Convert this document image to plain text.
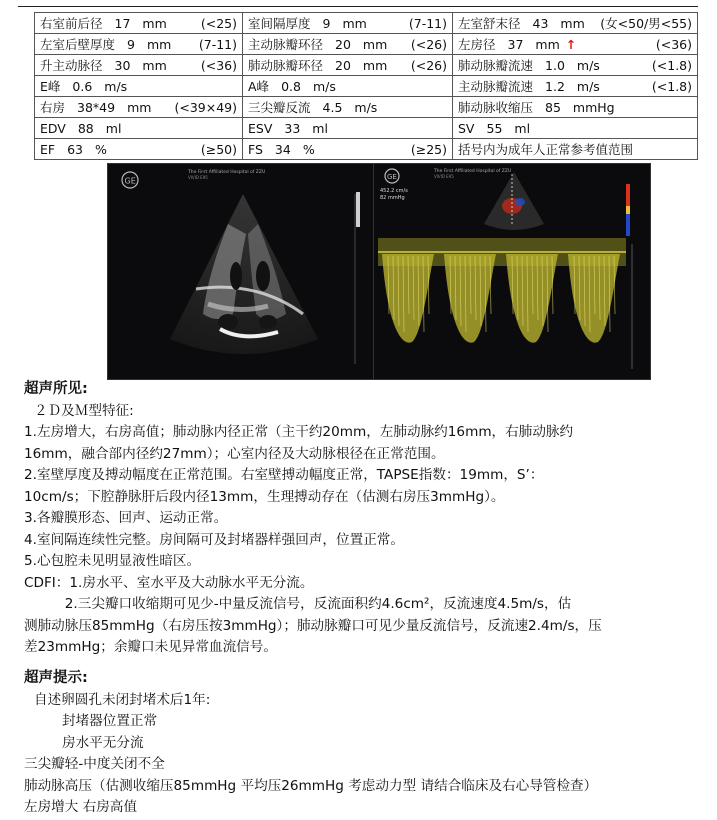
右室前后径 17 mm (<25)	室间隔厚度 9 mm (7-11)	左室舒末径 43 mm (女<50/男<55)

左室后壁厚度 9 mm (7-11)	主动脉瓣环径 20 mm (<26)	左房径 37 mm ↑ (<36)

升主动脉径 30 mm (<36)	肺动脉瓣环径 20 mm (<26)	肺动脉瓣流速 1.0 m/s (<1.8)

E峰 0.6 m/s	A峰 0.8 m/s	主动脉瓣流速 1.2 m/s (<1.8)

右房 38*49 mm (<39×49)	三尖瓣反流 4.5 m/s	肺动脉收缩压 85 mmHg

EDV 88 ml	ESV 33 ml	SV 55 ml

EF 63 % (≥50)	FS 34 % (≥25)	括号内为成年人正常参考值范围
GE
The First Affiliated Hospital of ZZU
VIVID E95	GE
The First Affiliated Hospital of ZZU
VIVID E95
452.2 cm/s
82 mmHg
超声所见:
２Ｄ及Ｍ型特征:
1.左房增大，右房高值；肺动脉内径正常（主干约20mm，左肺动脉约16mm，右肺动脉约
16mm，融合部内径约27mm）；心室内径及大动脉根径在正常范围。
2.室壁厚度及搏动幅度在正常范围。右室壁搏动幅度正常，TAPSE指数：19mm，S’：
10cm/s；下腔静脉肝后段内径13mm，生理搏动存在（估测右房压3mmHg）。
3.各瓣膜形态、回声、运动正常。
4.室间隔连续性完整。房间隔可及封堵器样强回声，位置正常。
5.心包腔未见明显液性暗区。
CDFI：1.房水平、室水平及大动脉水平无分流。
　　　2.三尖瓣口收缩期可见少-中量反流信号，反流面积约4.6cm²，反流速度4.5m/s，估
测肺动脉压85mmHg（右房压按3mmHg）；肺动脉瓣口可见少量反流信号，反流速2.4m/s，压
差23mmHg；余瓣口未见异常血流信号。
超声提示:
自述卵圆孔未闭封堵术后1年:
封堵器位置正常
房水平无分流
三尖瓣轻-中度关闭不全
肺动脉高压（估测收缩压85mmHg 平均压26mmHg 考虑动力型 请结合临床及右心导管检查）
左房增大 右房高值
